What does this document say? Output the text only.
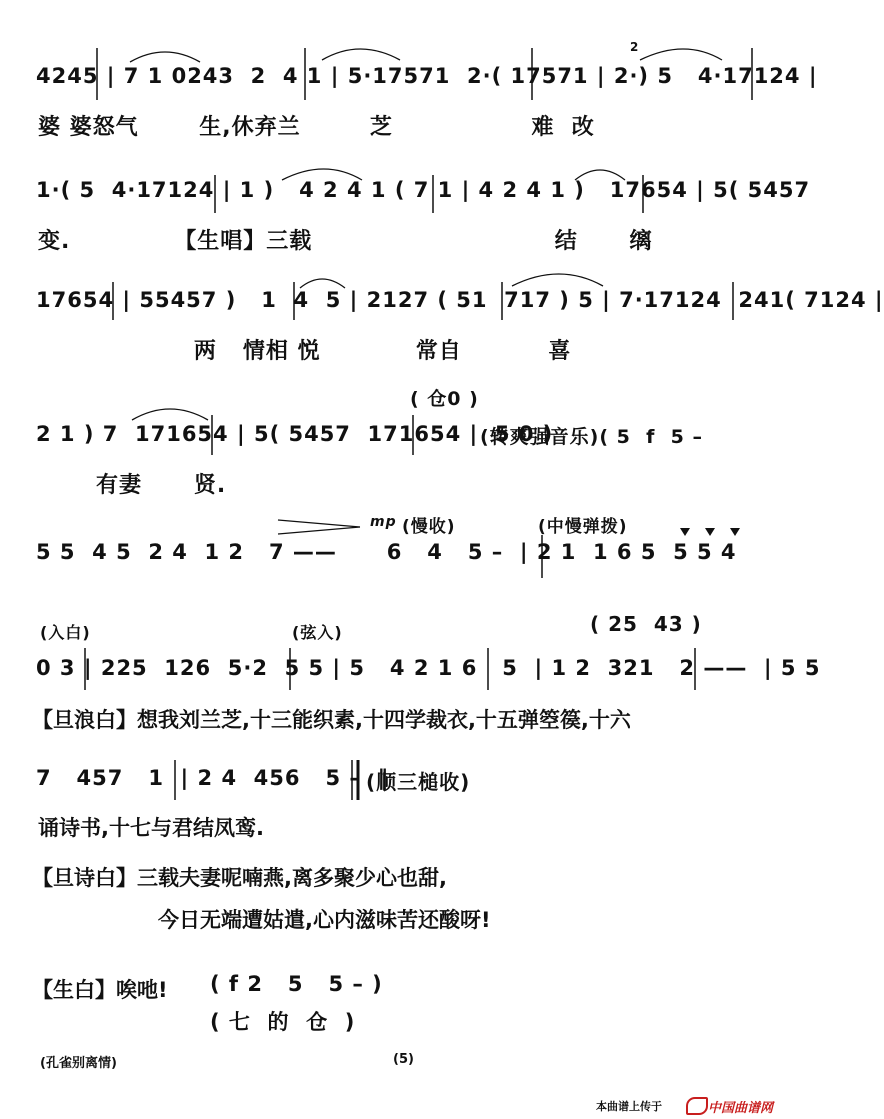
4245 | 7 1 0243  2  4 1 | 5·17571  2·( 17571 | 2·) 5   4·17124 |
2
婆 婆怒气       生,休弃兰        芝                难  改
1·( 5  4·17124 | 1 )   4 2 4 1 ( 7 1 | 4 2 4 1 )   17654 | 5( 5457
变.            【生唱】三载                            结      缡
17654 | 55457 )   1  4  5 | 2127 ( 51  717 ) 5 | 7·17124  241( 7124 |
两   情相 悦           常自          喜
( 仓0 )
2 1 ) 7  171654 | 5( 5457  171654 |  5 0 )
(转爽强音乐)( 5  f  5 –
有妻      贤.
5 5  4 5  2 4  1 2   7 ——      6   4   5 –  | 2 1  1 6 5  5 5 4
mp (慢收)	(中慢弹拨)
(入白)	(弦入)	( 25  43 )
0 3 | 225  126  5·2  5 5 | 5   4 2 1 6   5  | 1 2  321   2 ——  | 5 5
【旦浪白】想我刘兰芝,十三能织素,十四学裁衣,十五弹箜篌,十六
7   457   1  | 2 4  456   5 –  ‖
(顺三槌收)
诵诗书,十七与君结凤鸾.
【旦诗白】三载夫妻呢喃燕,离多聚少心也甜,
今日无端遭姑遣,心内滋味苦还酸呀!
【生白】唉吔! ( f 2   5   5 – )
( 七  的  仓  )
(孔雀别离情)	(5)
本曲谱上传于	中国曲谱网
